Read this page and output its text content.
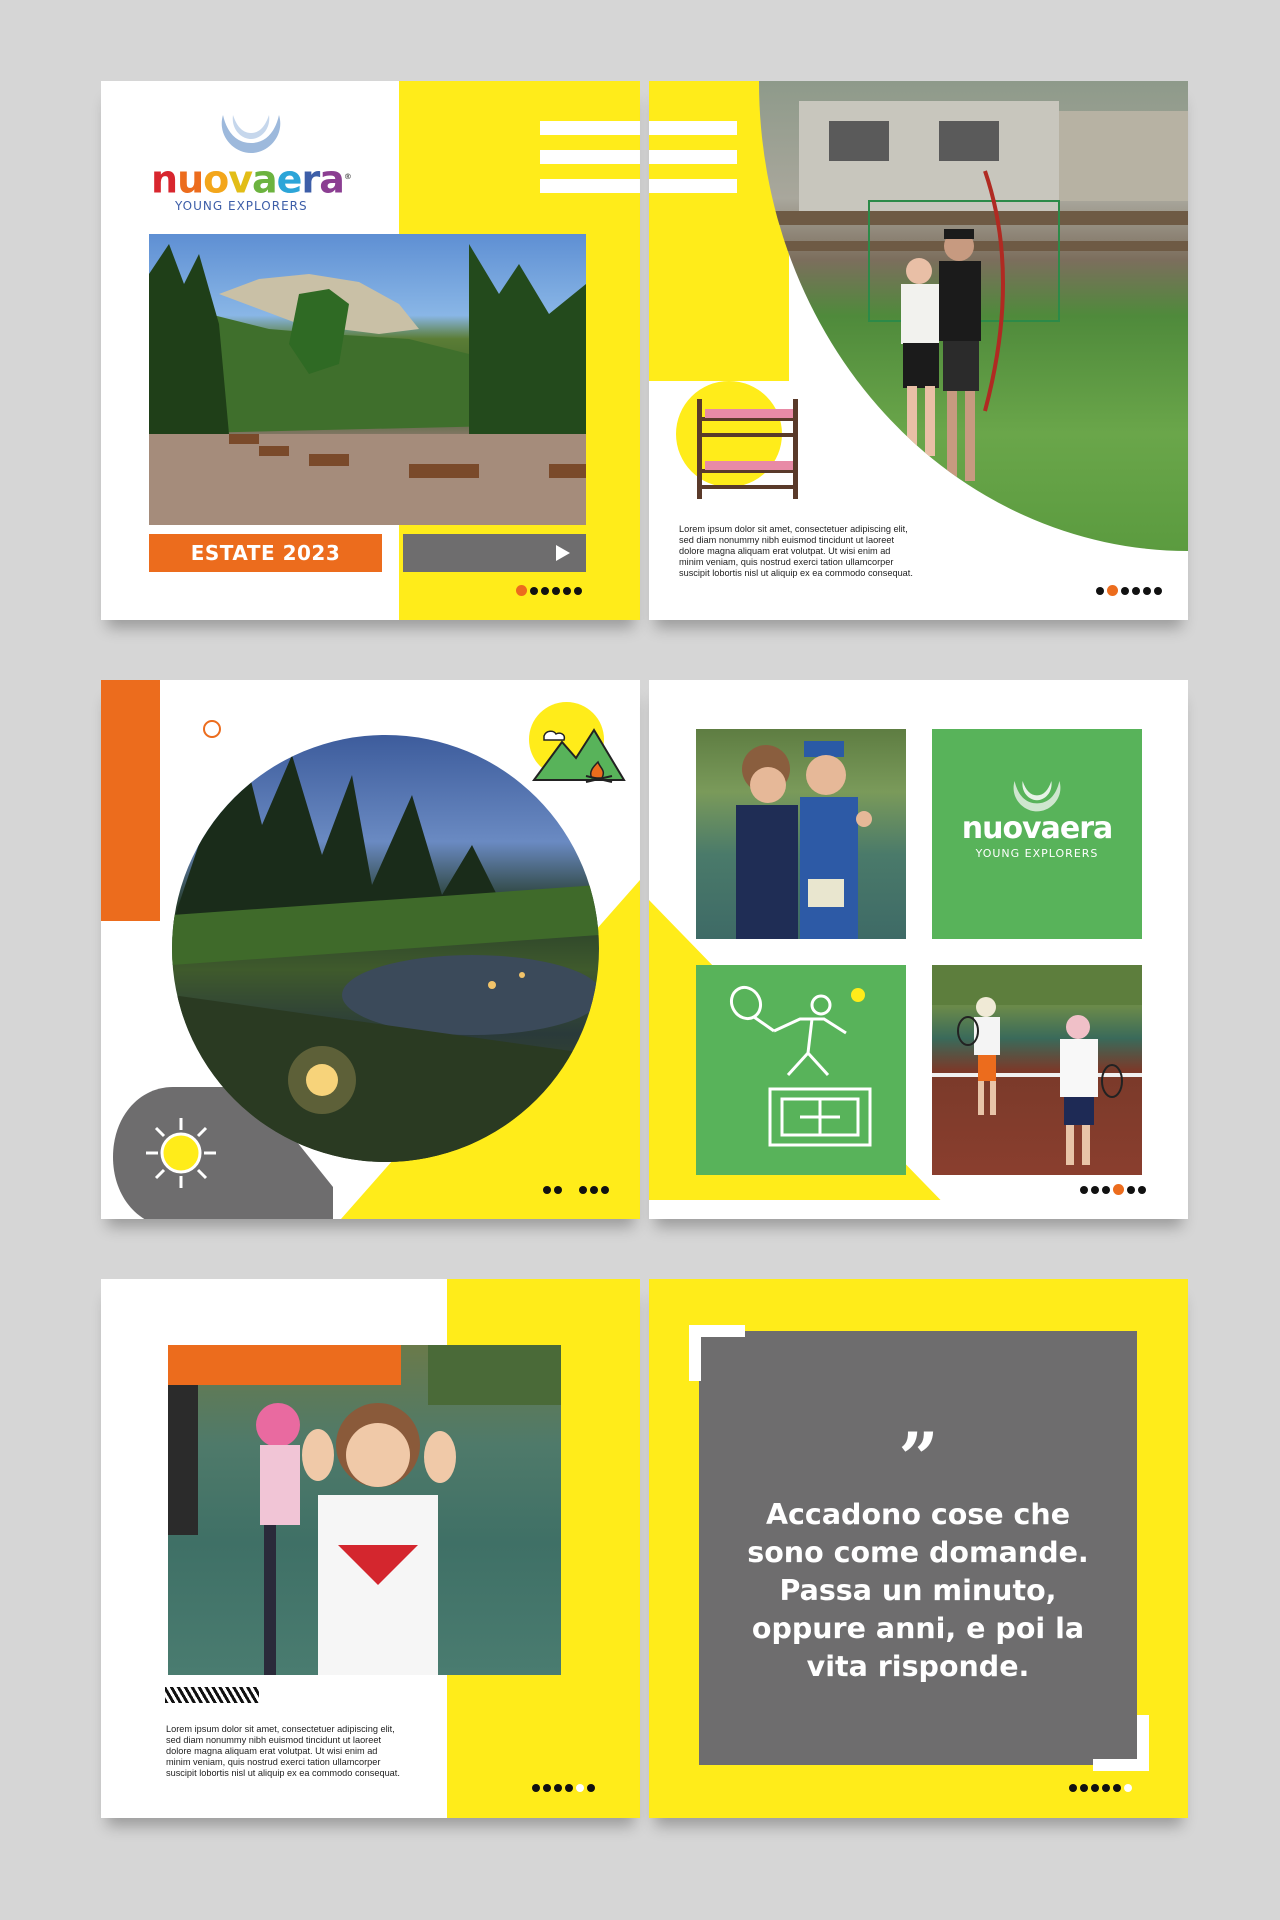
nuovaera®
YOUNG EXPLORERS
ESTATE 2023
Lorem ipsum dolor sit amet, consectetuer adipiscing elit,
sed diam nonummy nibh euismod tincidunt ut laoreet
dolore magna aliquam erat volutpat. Ut wisi enim ad
minim veniam, quis nostrud exerci tation ullamcorper
suscipit lobortis nisl ut aliquip ex ea commodo consequat.
nuovaera
YOUNG EXPLORERS
Lorem ipsum dolor sit amet, consectetuer adipiscing elit,
sed diam nonummy nibh euismod tincidunt ut laoreet
dolore magna aliquam erat volutpat. Ut wisi enim ad
minim veniam, quis nostrud exerci tation ullamcorper
suscipit lobortis nisl ut aliquip ex ea commodo consequat.
”
Accadono cose che
sono come domande.
Passa un minuto,
oppure anni, e poi la
vita risponde.
